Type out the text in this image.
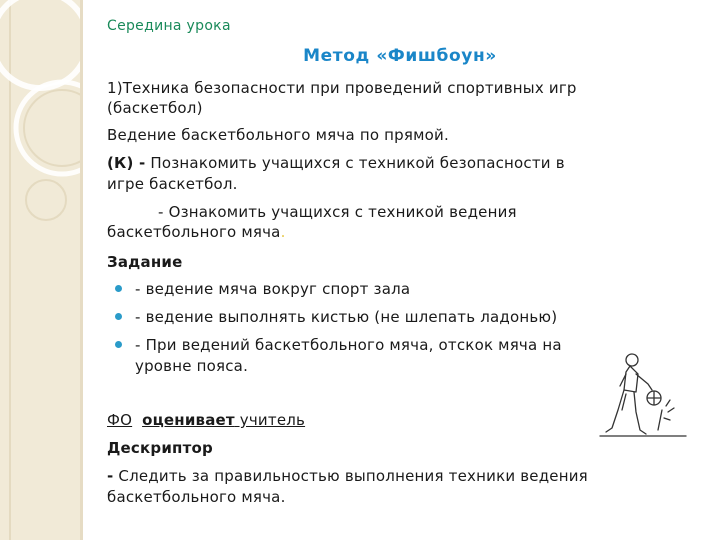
Середина урока
Метод «Фишбоун»
1)Техника безопасности при проведений спортивных игр
(баскетбол)
Ведение баскетбольного мяча по прямой.
(К) - Познакомить учащихся с техникой безопасности в
игре баскетбол.
- Ознакомить учащихся с техникой ведения
баскетбольного мяча.
Задание
- ведение мяча вокруг спорт зала
- ведение выполнять кистью (не шлепать ладонью)
- При ведений баскетбольного мяча, отскок мяча на
уровне пояса.
ФО оценивает учитель
Дескриптор
- Следить за правильностью выполнения техники ведения
баскетбольного мяча.
